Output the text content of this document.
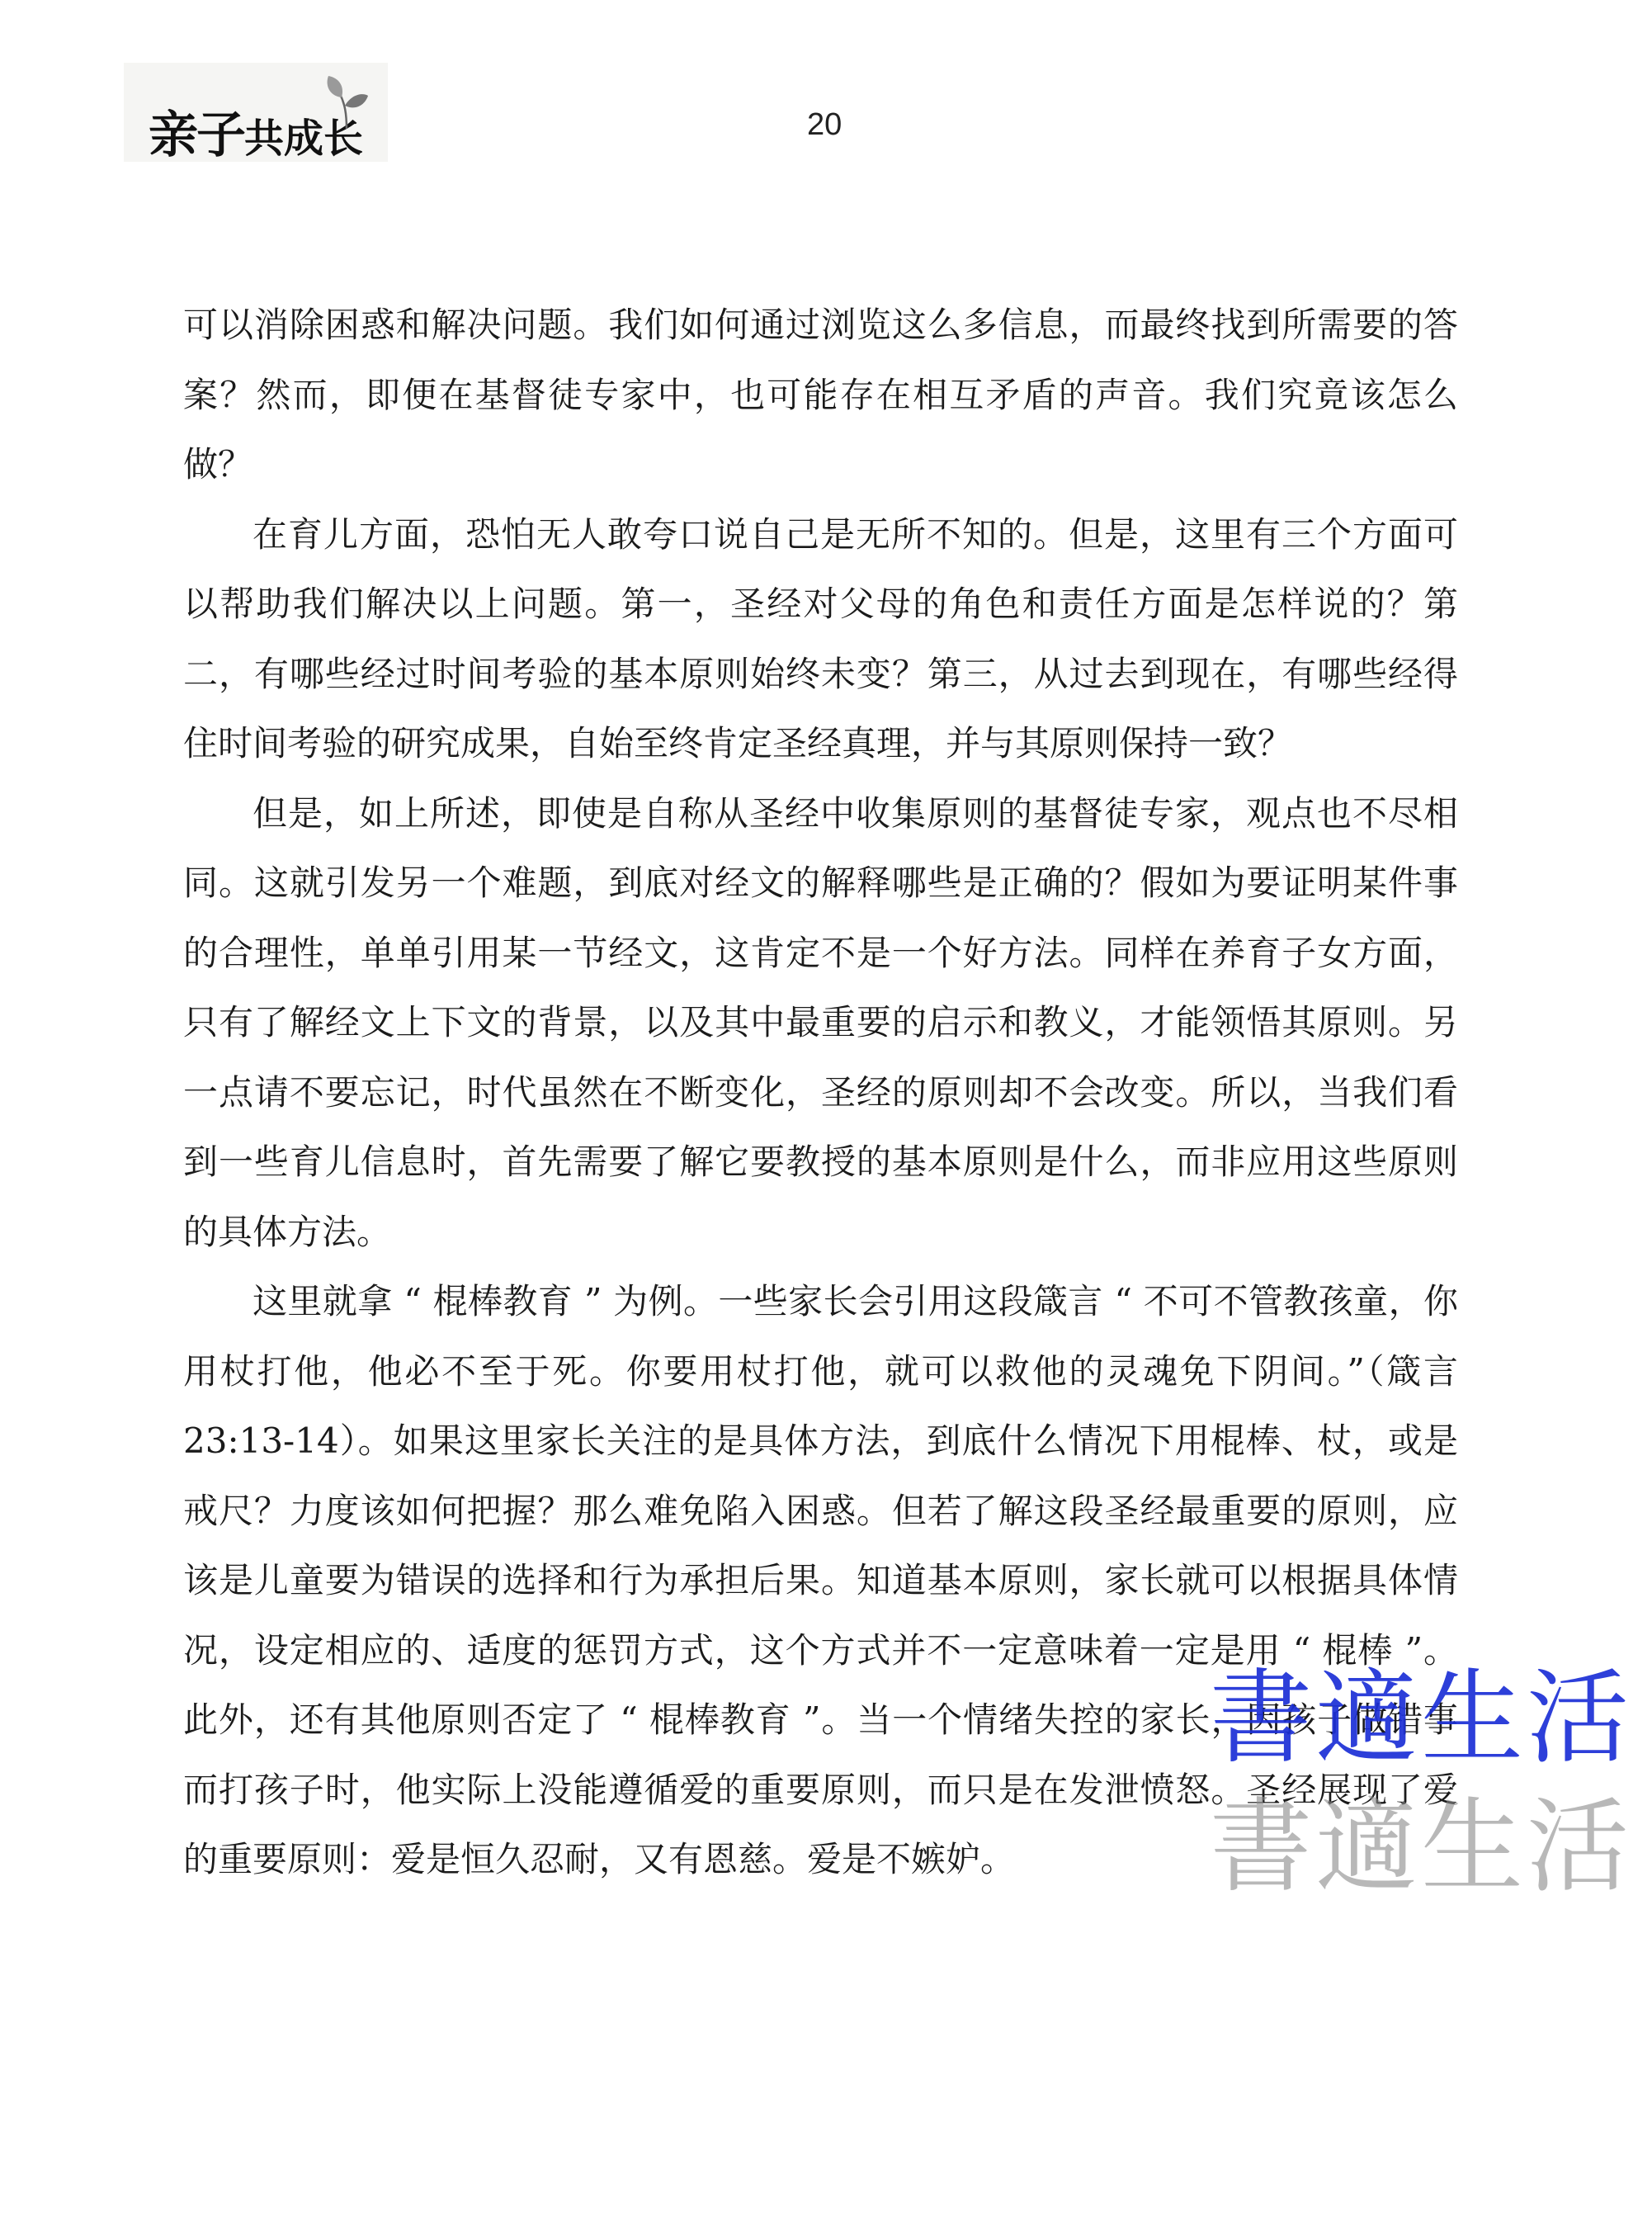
亲子共成长	20

可以消除困惑和解决问题。我们如何通过浏览这么多信息，而最终找到所需要的答案？然而，即便在基督徒专家中，也可能存在相互矛盾的声音。我们究竟该怎么做？

在育儿方面，恐怕无人敢夸口说自己是无所不知的。但是，这里有三个方面可以帮助我们解决以上问题。第一，圣经对父母的角色和责任方面是怎样说的？第二，有哪些经过时间考验的基本原则始终未变？第三，从过去到现在，有哪些经得住时间考验的研究成果，自始至终肯定圣经真理，并与其原则保持一致？

但是，如上所述，即使是自称从圣经中收集原则的基督徒专家，观点也不尽相同。这就引发另一个难题，到底对经文的解释哪些是正确的？假如为要证明某件事的合理性，单单引用某一节经文，这肯定不是一个好方法。同样在养育子女方面，只有了解经文上下文的背景，以及其中最重要的启示和教义，才能领悟其原则。另一点请不要忘记，时代虽然在不断变化，圣经的原则却不会改变。所以，当我们看到一些育儿信息时，首先需要了解它要教授的基本原则是什么，而非应用这些原则的具体方法。

这里就拿 “ 棍棒教育 ” 为例。一些家长会引用这段箴言 “ 不可不管教孩童，你用杖打他，他必不至于死。你要用杖打他，就可以救他的灵魂免下阴间。”（箴言 23:13-14）。如果这里家长关注的是具体方法，到底什么情况下用棍棒、杖，或是戒尺？力度该如何把握？那么难免陷入困惑。但若了解这段圣经最重要的原则，应该是儿童要为错误的选择和行为承担后果。知道基本原则，家长就可以根据具体情况，设定相应的、适度的惩罚方式，这个方式并不一定意味着一定是用 “ 棍棒 ”。此外，还有其他原则否定了 “ 棍棒教育 ”。当一个情绪失控的家长，因孩子做错事而打孩子时，他实际上没能遵循爱的重要原则，而只是在发泄愤怒。圣经展现了爱的重要原则：爱是恒久忍耐，又有恩慈。爱是不嫉妒。

書適生活
書適生活
